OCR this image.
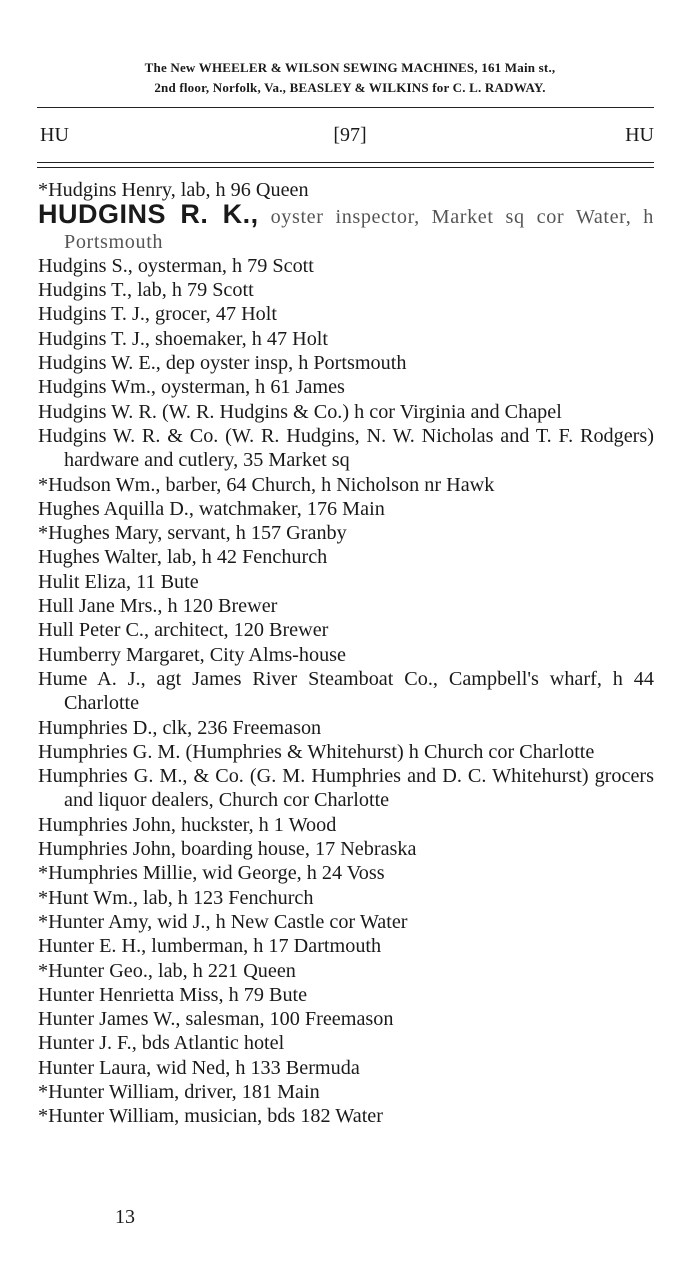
The New WHEELER & WILSON SEWING MACHINES, 161 Main st.,
2nd floor, Norfolk, Va., BEASLEY & WILKINS for C. L. RADWAY.
HU	[97]	HU
*Hudgins Henry, lab, h 96 Queen
HUDGINS R. K., oyster inspector, Market sq cor Water, h Portsmouth
Hudgins S., oysterman, h 79 Scott
Hudgins T., lab, h 79 Scott
Hudgins T. J., grocer, 47 Holt
Hudgins T. J., shoemaker, h 47 Holt
Hudgins W. E., dep oyster insp, h Portsmouth
Hudgins Wm., oysterman, h 61 James
Hudgins W. R. (W. R. Hudgins & Co.) h cor Virginia and Chapel
Hudgins W. R. & Co. (W. R. Hudgins, N. W. Nicholas and T. F. Rodgers) hardware and cutlery, 35 Market sq
*Hudson Wm., barber, 64 Church, h Nicholson nr Hawk
Hughes Aquilla D., watchmaker, 176 Main
*Hughes Mary, servant, h 157 Granby
Hughes Walter, lab, h 42 Fenchurch
Hulit Eliza, 11 Bute
Hull Jane Mrs., h 120 Brewer
Hull Peter C., architect, 120 Brewer
Humberry Margaret, City Alms-house
Hume A. J., agt James River Steamboat Co., Campbell's wharf, h 44 Charlotte
Humphries D., clk, 236 Freemason
Humphries G. M. (Humphries & Whitehurst) h Church cor Charlotte
Humphries G. M., & Co. (G. M. Humphries and D. C. Whitehurst) grocers and liquor dealers, Church cor Charlotte
Humphries John, huckster, h 1 Wood
Humphries John, boarding house, 17 Nebraska
*Humphries Millie, wid George, h 24 Voss
*Hunt Wm., lab, h 123 Fenchurch
*Hunter Amy, wid J., h New Castle cor Water
Hunter E. H., lumberman, h 17 Dartmouth
*Hunter Geo., lab, h 221 Queen
Hunter Henrietta Miss, h 79 Bute
Hunter James W., salesman, 100 Freemason
Hunter J. F., bds Atlantic hotel
Hunter Laura, wid Ned, h 133 Bermuda
*Hunter William, driver, 181 Main
*Hunter William, musician, bds 182 Water
13
